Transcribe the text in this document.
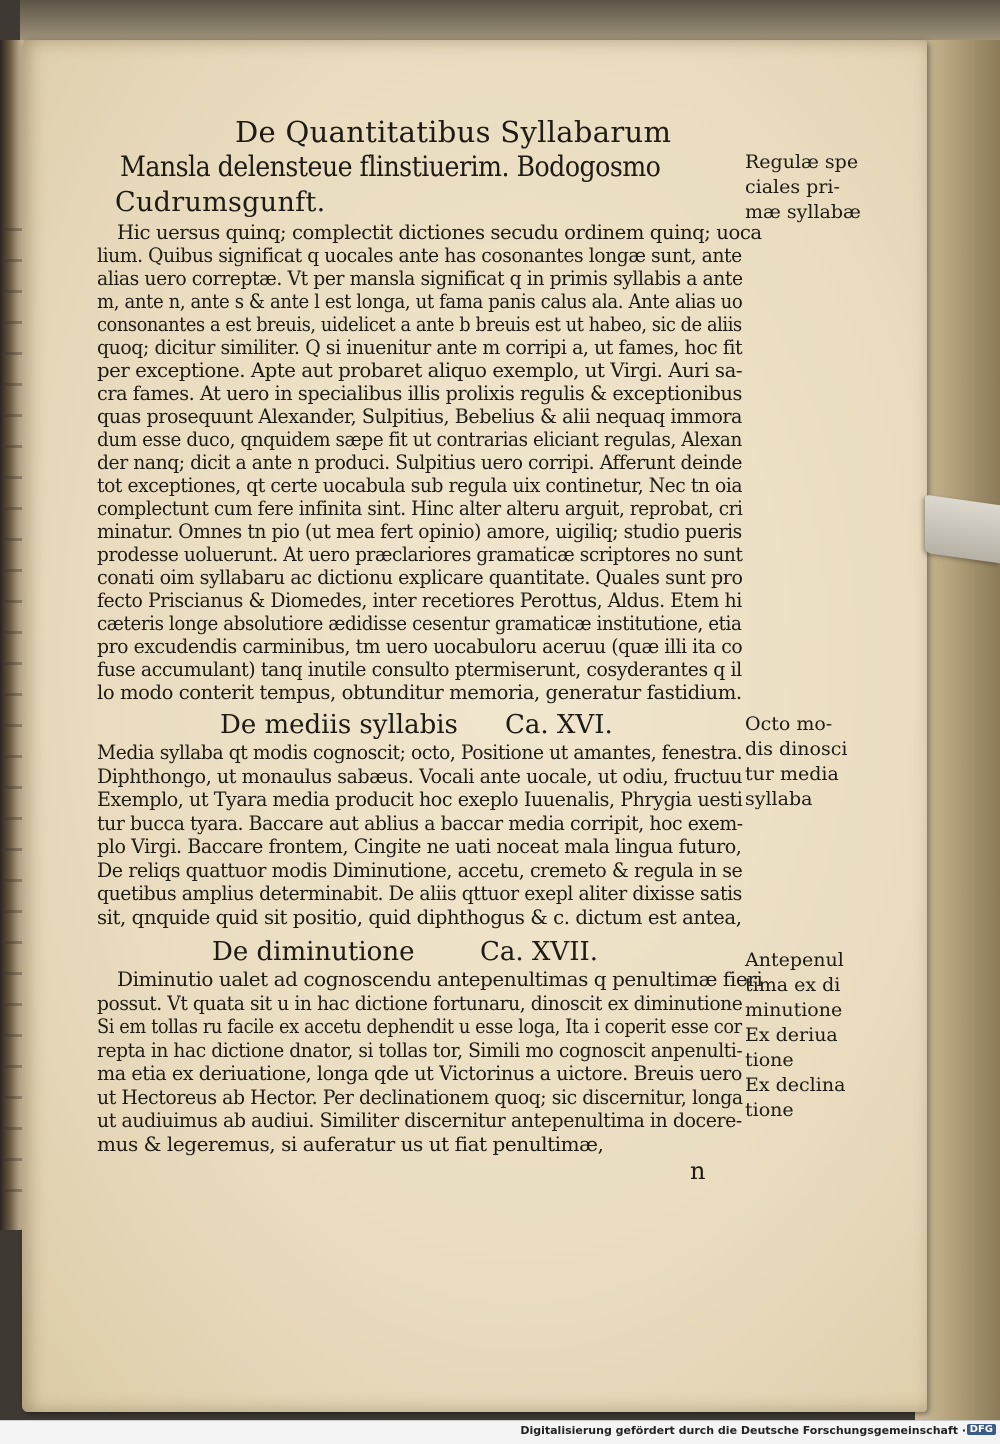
De Quantitatibus Syllabarum
Mansla delensteue flinstiuerim. Bodogosmo
Cudrumsgunft.
Hic uersus quinq; complectit dictiones secudu ordinem quinq; uoca
lium. Quibus significat q uocales ante has cosonantes longæ sunt, ante
alias uero correptæ. Vt per mansla significat q in primis syllabis a ante
m, ante n, ante s & ante l est longa, ut fama panis calus ala. Ante alias uo
consonantes a est breuis, uidelicet a ante b breuis est ut habeo, sic de aliis
quoq; dicitur similiter. Q si inuenitur ante m corripi a, ut fames, hoc fit
per exceptione. Apte aut probaret aliquo exemplo, ut Virgi. Auri sa-
cra fames. At uero in specialibus illis prolixis regulis & exceptionibus
quas prosequunt Alexander, Sulpitius, Bebelius & alii nequaq immora
dum esse duco, qnquidem sæpe fit ut contrarias eliciant regulas, Alexan
der nanq; dicit a ante n produci. Sulpitius uero corripi. Afferunt deinde
tot exceptiones, qt certe uocabula sub regula uix continetur, Nec tn oia
complectunt cum fere infinita sint. Hinc alter alteru arguit, reprobat, cri
minatur. Omnes tn pio (ut mea fert opinio) amore, uigiliq; studio pueris
prodesse uoluerunt. At uero præclariores gramaticæ scriptores no sunt
conati oim syllabaru ac dictionu explicare quantitate. Quales sunt pro
fecto Priscianus & Diomedes, inter recetiores Perottus, Aldus. Etem hi
cæteris longe absolutiore ædidisse cesentur gramaticæ institutione, etia
pro excudendis carminibus, tm uero uocabuloru aceruu (quæ illi ita co
fuse accumulant) tanq inutile consulto ptermiserunt, cosyderantes q il
lo modo conterit tempus, obtunditur memoria, generatur fastidium.
De mediis syllabis Ca. XVI.
Media syllaba qt modis cognoscit; octo, Positione ut amantes, fenestra.
Diphthongo, ut monaulus sabæus. Vocali ante uocale, ut odiu, fructuu
Exemplo, ut Tyara media producit hoc exeplo Iuuenalis, Phrygia uesti
tur bucca tyara. Baccare aut ablius a baccar media corripit, hoc exem-
plo Virgi. Baccare frontem, Cingite ne uati noceat mala lingua futuro,
De reliqs quattuor modis Diminutione, accetu, cremeto & regula in se
quetibus amplius determinabit. De aliis qttuor exepl aliter dixisse satis
sit, qnquide quid sit positio, quid diphthogus & c. dictum est antea,
De diminutione	Ca. XVII.
Diminutio ualet ad cognoscendu antepenultimas q penultimæ fieri
possut. Vt quata sit u in hac dictione fortunaru, dinoscit ex diminutione
Si em tollas ru facile ex accetu dephendit u esse loga, Ita i coperit esse cor
repta in hac dictione dnator, si tollas tor, Simili mo cognoscit anpenulti-
ma etia ex deriuatione, longa qde ut Victorinus a uictore. Breuis uero
ut Hectoreus ab Hector. Per declinationem quoq; sic discernitur, longa
ut audiuimus ab audiui. Similiter discernitur antepenultima in docere-
mus & legeremus, si auferatur us ut fiat penultimæ,
Regulæ spe
ciales pri-
mæ syllabæ
Octo mo-
dis dinosci
tur media
syllaba
Antepenul
tima ex di
minutione
Ex deriua
tione
Ex declina
tione
n
Digitalisierung gefördert durch die Deutsche Forschungsgemeinschaft · DFG
